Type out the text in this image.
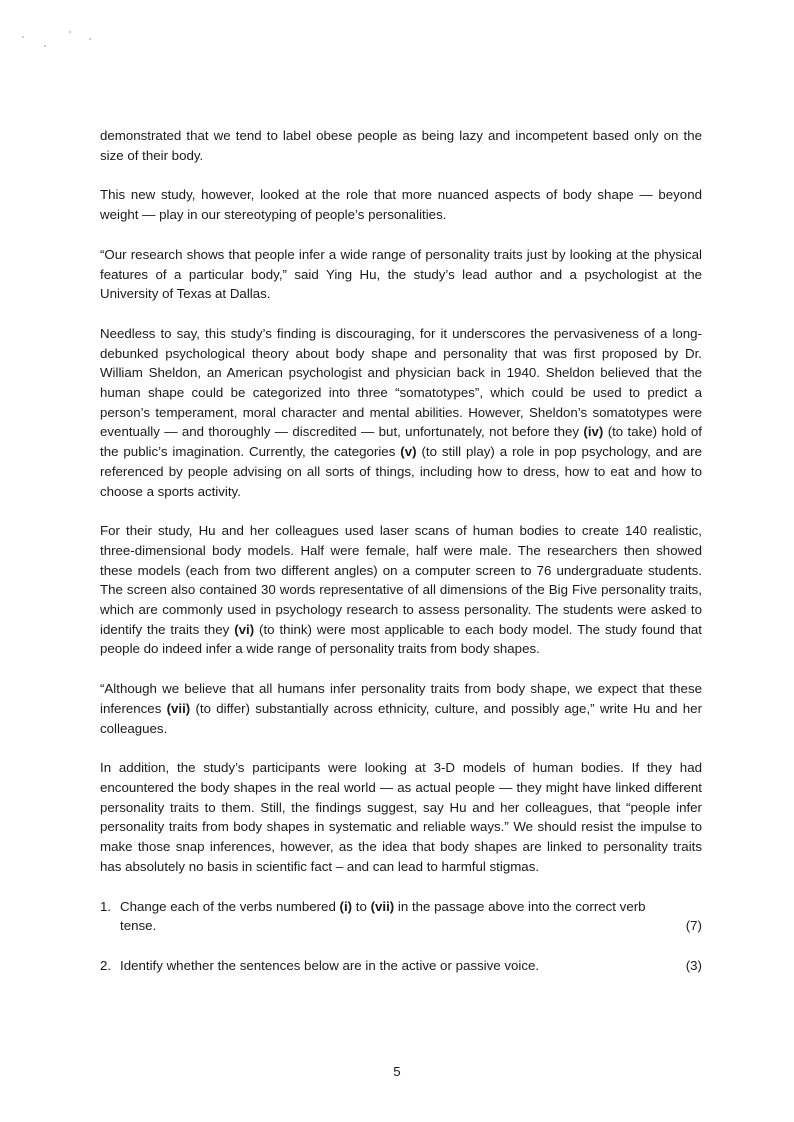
demonstrated that we tend to label obese people as being lazy and incompetent based only on the size of their body.

This new study, however, looked at the role that more nuanced aspects of body shape — beyond weight — play in our stereotyping of people’s personalities.

“Our research shows that people infer a wide range of personality traits just by looking at the physical features of a particular body,” said Ying Hu, the study’s lead author and a psychologist at the University of Texas at Dallas.

Needless to say, this study’s finding is discouraging, for it underscores the pervasiveness of a long-debunked psychological theory about body shape and personality that was first proposed by Dr. William Sheldon, an American psychologist and physician back in 1940. Sheldon believed that the human shape could be categorized into three “somatotypes”, which could be used to predict a person’s temperament, moral character and mental abilities. However, Sheldon’s somatotypes were eventually — and thoroughly — discredited — but, unfortunately, not before they (iv) (to take) hold of the public’s imagination. Currently, the categories (v) (to still play) a role in pop psychology, and are referenced by people advising on all sorts of things, including how to dress, how to eat and how to choose a sports activity.

For their study, Hu and her colleagues used laser scans of human bodies to create 140 realistic, three-dimensional body models. Half were female, half were male. The researchers then showed these models (each from two different angles) on a computer screen to 76 undergraduate students. The screen also contained 30 words representative of all dimensions of the Big Five personality traits, which are commonly used in psychology research to assess personality. The students were asked to identify the traits they (vi) (to think) were most applicable to each body model. The study found that people do indeed infer a wide range of personality traits from body shapes.

“Although we believe that all humans infer personality traits from body shape, we expect that these inferences (vii) (to differ) substantially across ethnicity, culture, and possibly age,” write Hu and her colleagues.

In addition, the study’s participants were looking at 3-D models of human bodies. If they had encountered the body shapes in the real world — as actual people — they might have linked different personality traits to them. Still, the findings suggest, say Hu and her colleagues, that “people infer personality traits from body shapes in systematic and reliable ways.” We should resist the impulse to make those snap inferences, however, as the idea that body shapes are linked to personality traits has absolutely no basis in scientific fact – and can lead to harmful stigmas.

1. Change each of the verbs numbered (i) to (vii) in the passage above into the correct verb
tense.	(7)
2. Identify whether the sentences below are in the active or passive voice.	(3)
5
